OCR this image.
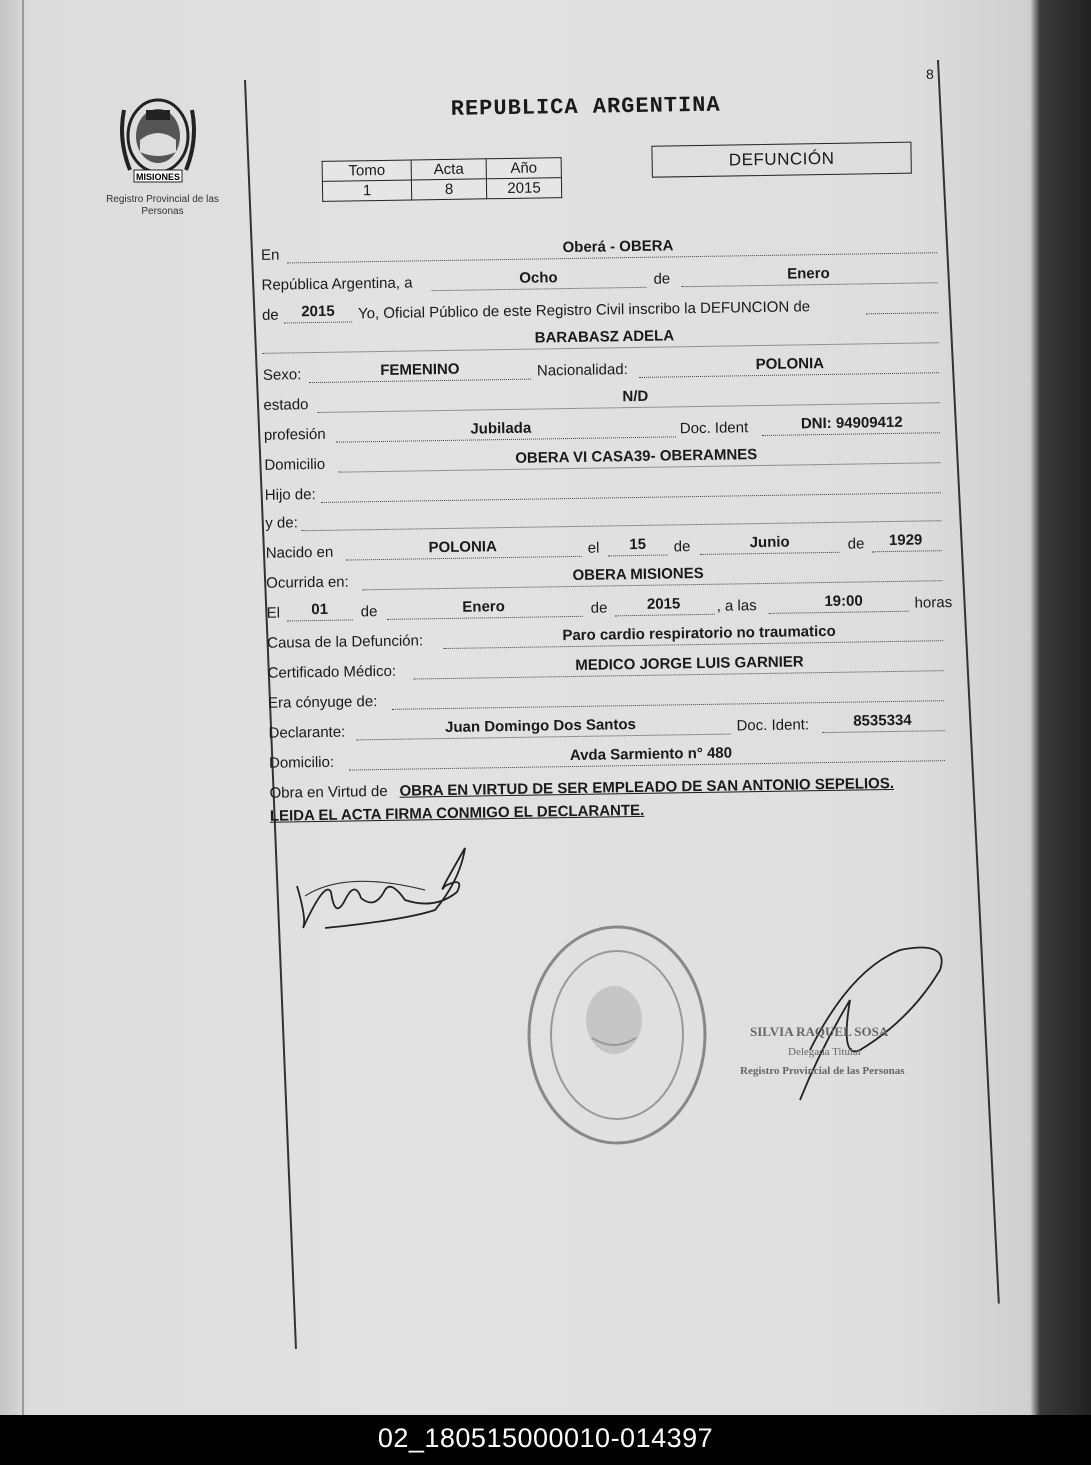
MISIONES
Registro Provincial de las Personas
8
REPUBLICA ARGENTINA
Tomo	Acta	Año
1	8	2015
DEFUNCIÓN
En	Oberá - OBERA
República Argentina, a	Ocho	de	Enero
de	2015	Yo, Oficial Público de este Registro Civil inscribo la DEFUNCION de
BARABASZ ADELA
Sexo:	FEMENINO	Nacionalidad:	POLONIA
estado	N/D
profesión	Jubilada	Doc. Ident	DNI: 94909412
Domicilio	OBERA VI CASA39- OBERAMNES
Hijo de:
y de:
Nacido en	POLONIA	el	15	de	Junio	de	1929
Ocurrida en:	OBERA MISIONES
El	01	de	Enero	de	2015	, a las	19:00	horas
Causa de la Defunción:	Paro cardio respiratorio no traumatico
Certificado Médico:	MEDICO JORGE LUIS GARNIER
Era cónyuge de:
Declarante:	Juan Domingo Dos Santos	Doc. Ident:	8535334
Domicilio:	Avda Sarmiento n° 480
Obra en Virtud de OBRA EN VIRTUD DE SER EMPLEADO DE SAN ANTONIO SEPELIOS.
LEIDA EL ACTA FIRMA CONMIGO EL DECLARANTE.
SILVIA RAQUEL SOSA
Delegada Titular
Registro Provincial de las Personas
02_180515000010-014397
